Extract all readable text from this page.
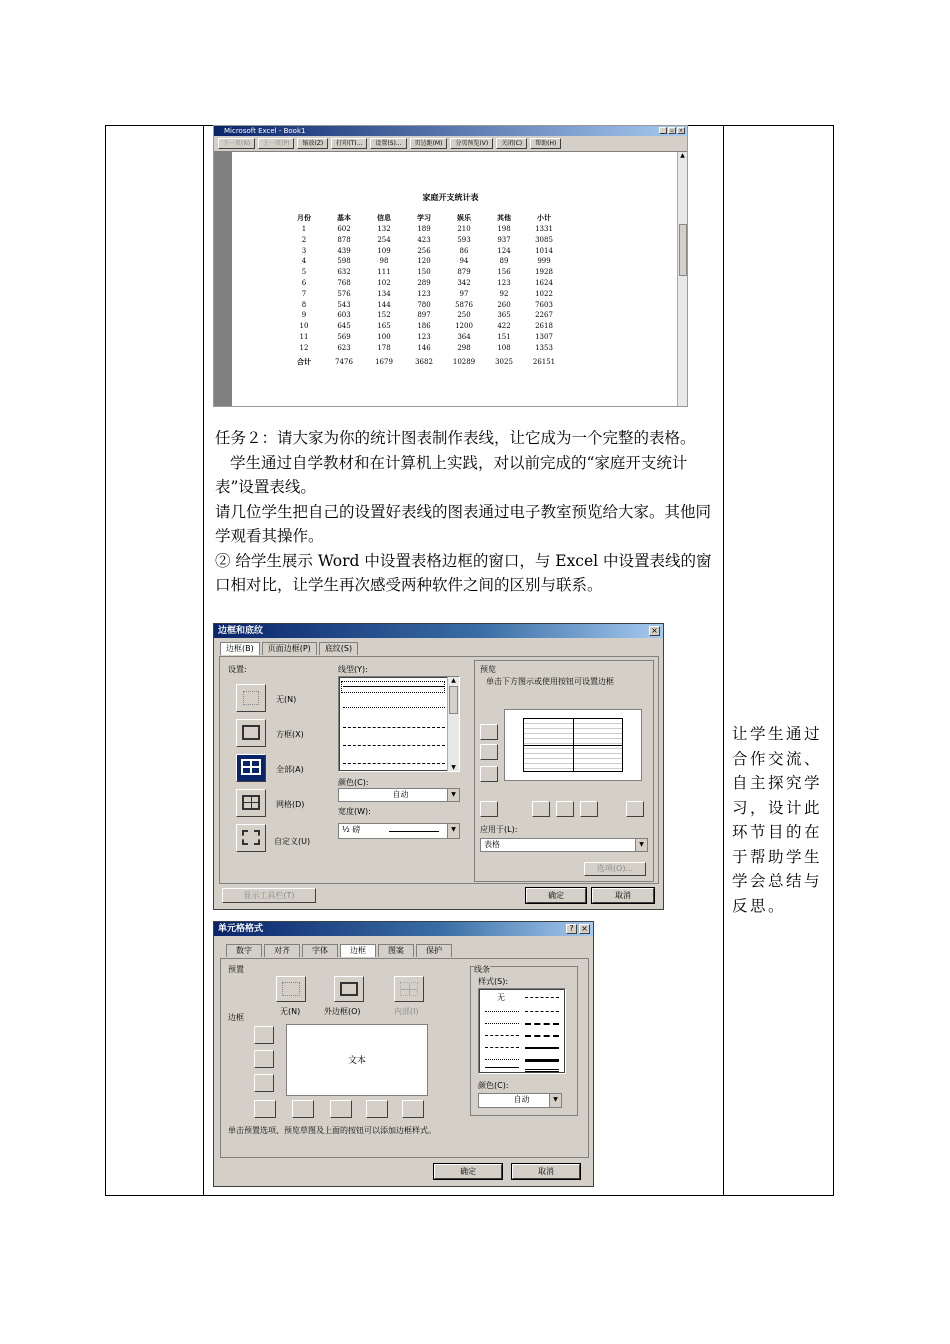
Microsoft Excel - Book1	_	▫	×
下一页(N)	上一页(P)	缩放(Z)	打印(T)...	设置(S)...	页边距(M)	分页预览(V)	关闭(C)	帮助(H)
▲
家庭开支统计表
月份	基本	信息	学习	娱乐	其他	小计
1	602	132	189	210	198	1331
2	878	254	423	593	937	3085
3	439	109	256	86	124	1014
4	598	98	120	94	89	999
5	632	111	150	879	156	1928
6	768	102	289	342	123	1624
7	576	134	123	97	92	1022
8	543	144	780	5876	260	7603
9	603	152	897	250	365	2267
10	645	165	186	1200	422	2618
11	569	100	123	364	151	1307
12	623	178	146	298	108	1353
合计	7476	1679	3682	10289	3025	26151

任务２：请大家为你的统计图表制作表线，让它成为一个完整的表格。

学生通过自学教材和在计算机上实践，对以前完成的“家庭开支统计表”设置表线。

请几位学生把自己的设置好表线的图表通过电子教室预览给大家。其他同学观看其操作。

② 给学生展示 Word 中设置表格边框的窗口，与 Excel 中设置表线的窗口相对比，让学生再次感受两种软件之间的区别与联系。

让学生通过合作交流、自主探究学习，设计此环节目的在于帮助学生学会总结与反思。
边框和底纹	×
边框(B)	页面边框(P)	底纹(S)
设置:
无(N)
方框(X)
全部(A)
网格(D)
自定义(U)
线型(Y):
▲
▼
颜色(C):
自动	▼
宽度(W):
½ 磅	▼
预览
单击下方图示或使用按钮可设置边框
应用于(L):
表格	▼
选项(O)...
显示工具栏(T)	确定	取消
单元格格式	? ×
数字	对齐	字体	边框	图案	保护
预置
无(N)	外边框(O)	内部(I)
边框
文本
线条
样式(S):
无
颜色(C):
自动	▼
单击预置选项、预览草图及上面的按钮可以添加边框样式。
确定	取消
